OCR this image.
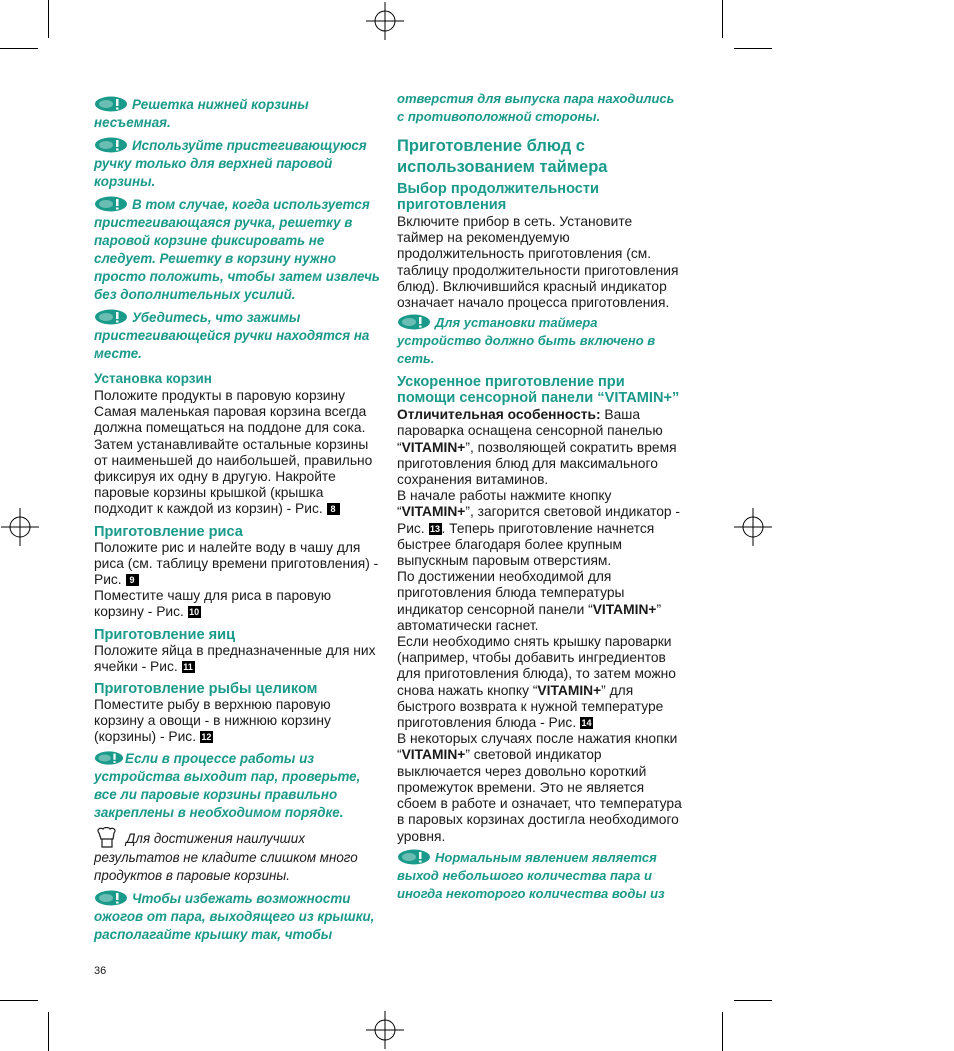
Решетка нижней корзины несъемная.

Используйте пристегивающуюся ручку только для верхней паровой корзины.

В том случае, когда используется пристегивающаяся ручка, решетку в паровой корзине фиксировать не следует. Решетку в корзину нужно просто положить, чтобы затем извлечь без дополнительных усилий.

Убедитесь, что зажимы пристегивающейся ручки находятся на месте.

Установка корзин

Положите продукты в паровую корзину Самая маленькая паровая корзина всегда должна помещаться на поддоне для сока. Затем устанавливайте остальные корзины от наименьшей до наибольшей, правильно фиксируя их одну в другую. Накройте паровые корзины крышкой (крышка подходит к каждой из корзин) - Рис. 8

Приготовление риса

Положите рис и налейте воду в чашу для риса (см. таблицу времени приготовления) - Рис. 9
Поместите чашу для риса в паровую корзину - Рис. 10

Приготовление яиц

Положите яйца в предназначенные для них ячейки - Рис. 11

Приготовление рыбы целиком

Поместите рыбу в верхнюю паровую корзину а овощи - в нижнюю корзину (корзины) - Рис. 12

Если в процессе работы из устройства выходит пар, проверьте, все ли паровые корзины правильно закреплены в необходимом порядке.

Для достижения наилучших результатов не кладите слишком много продуктов в паровые корзины.

Чтобы избежать возможности ожогов от пара, выходящего из крышки, располагайте крышку так, чтобы

отверстия для выпуска пара находились с противоположной стороны.

Приготовление блюд с использованием таймера
Выбор продолжительности приготовления

Включите прибор в сеть. Установите таймер на рекомендуемую продолжительность приготовления (см. таблицу продолжительности приготовления блюд). Включившийся красный индикатор означает начало процесса приготовления.

Для установки таймера устройство должно быть включено в сеть.

Ускоренное приготовление при помощи сенсорной панели “VITAMIN+”

Отличительная особенность: Ваша пароварка оснащена сенсорной панелью “VITAMIN+”, позволяющей сократить время приготовления блюд для максимального сохранения витаминов.
В начале работы нажмите кнопку “VITAMIN+”, загорится световой индикатор - Рис. 13 . Теперь приготовление начнется быстрее благодаря более крупным выпускным паровым отверстиям.
По достижении необходимой для приготовления блюда температуры индикатор сенсорной панели “VITAMIN+” автоматически гаснет.
Если необходимо снять крышку пароварки (например, чтобы добавить ингредиентов для приготовления блюда), то затем можно снова нажать кнопку “VITAMIN+” для быстрого возврата к нужной температуре приготовления блюда - Рис. 14
В некоторых случаях после нажатия кнопки “VITAMIN+” световой индикатор выключается через довольно короткий промежуток времени. Это не является сбоем в работе и означает, что температура в паровых корзинах достигла необходимого уровня.

Нормальным явлением является выход небольшого количества пара и иногда некоторого количества воды из

36
